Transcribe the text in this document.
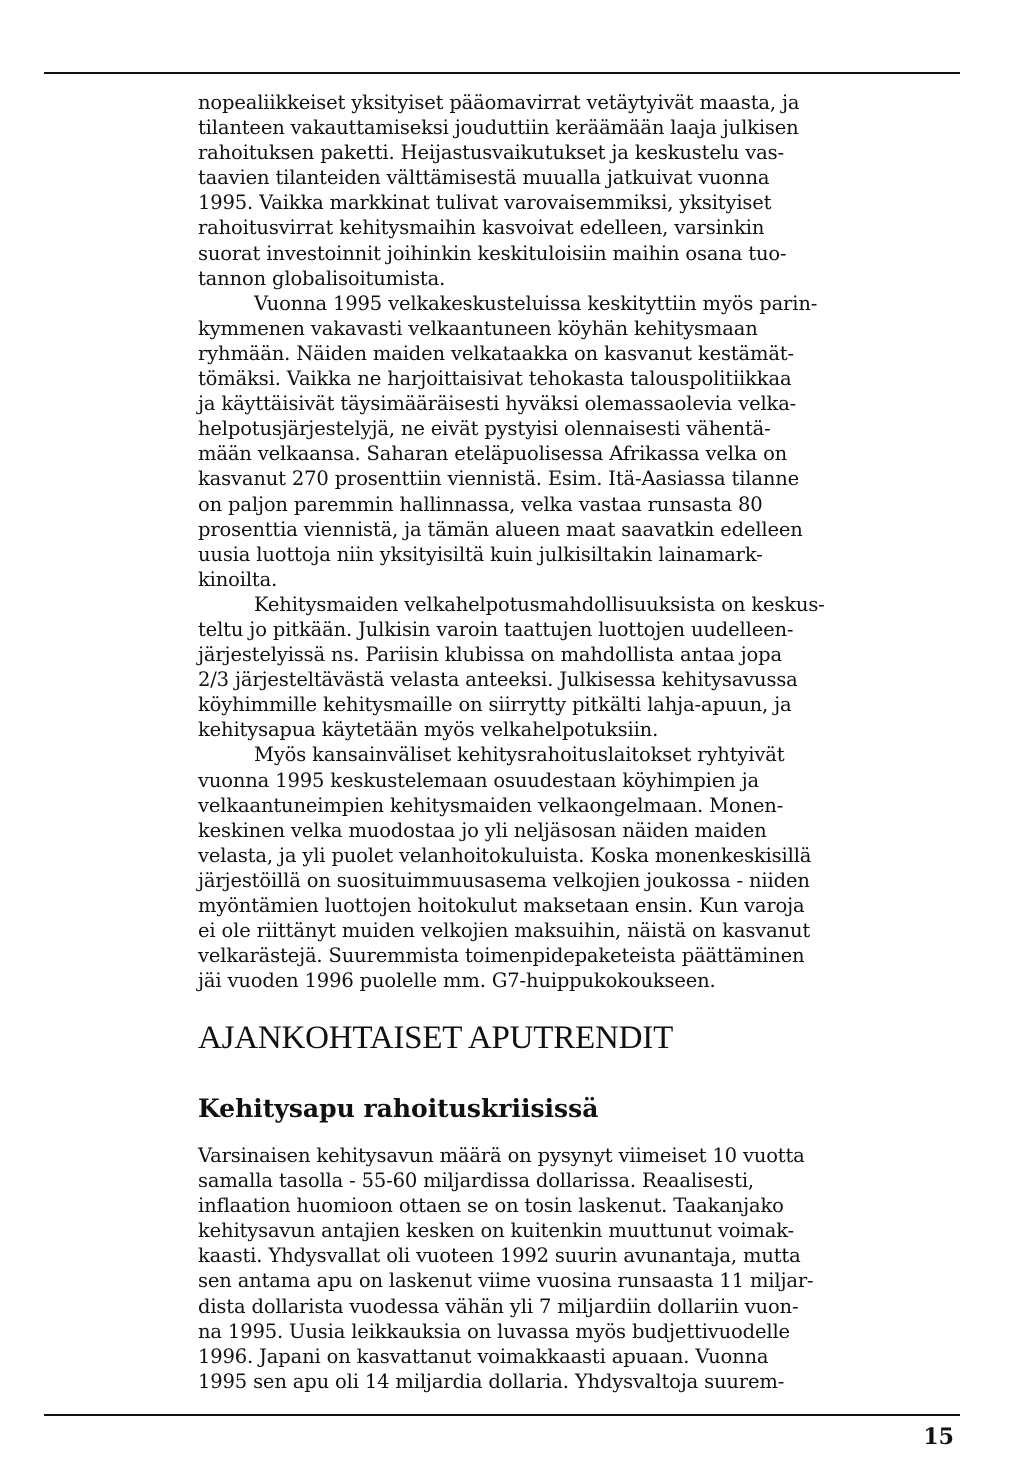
nopealiikkeiset yksityiset pääomavirrat vetäytyivät maasta, ja
tilanteen vakauttamiseksi jouduttiin keräämään laaja julkisen
rahoituksen paketti. Heijastusvaikutukset ja keskustelu vas-
taavien tilanteiden välttämisestä muualla jatkuivat vuonna
1995. Vaikka markkinat tulivat varovaisemmiksi, yksityiset
rahoitusvirrat kehitysmaihin kasvoivat edelleen, varsinkin
suorat investoinnit joihinkin keskituloisiin maihin osana tuo-
tannon globalisoitumista.

Vuonna 1995 velkakeskusteluissa keskityttiin myös parin-
kymmenen vakavasti velkaantuneen köyhän kehitysmaan
ryhmään. Näiden maiden velkataakka on kasvanut kestämät-
tömäksi. Vaikka ne harjoittaisivat tehokasta talouspolitiikkaa
ja käyttäisivät täysimääräisesti hyväksi olemassaolevia velka-
helpotusjärjestelyjä, ne eivät pystyisi olennaisesti vähentä-
mään velkaansa. Saharan eteläpuolisessa Afrikassa velka on
kasvanut 270 prosenttiin viennistä. Esim. Itä-Aasiassa tilanne
on paljon paremmin hallinnassa, velka vastaa runsasta 80
prosenttia viennistä, ja tämän alueen maat saavatkin edelleen
uusia luottoja niin yksityisiltä kuin julkisiltakin lainamark-
kinoilta.

Kehitysmaiden velkahelpotusmahdollisuuksista on keskus-
teltu jo pitkään. Julkisin varoin taattujen luottojen uudelleen-
järjestelyissä ns. Pariisin klubissa on mahdollista antaa jopa
2/3 järjesteltävästä velasta anteeksi. Julkisessa kehitysavussa
köyhimmille kehitysmaille on siirrytty pitkälti lahja-apuun, ja
kehitysapua käytetään myös velkahelpotuksiin.

Myös kansainväliset kehitysrahoituslaitokset ryhtyivät
vuonna 1995 keskustelemaan osuudestaan köyhimpien ja
velkaantuneimpien kehitysmaiden velkaongelmaan. Monen-
keskinen velka muodostaa jo yli neljäsosan näiden maiden
velasta, ja yli puolet velanhoitokuluista. Koska monenkeskisillä
järjestöillä on suosituimmuusasema velkojien joukossa - niiden
myöntämien luottojen hoitokulut maksetaan ensin. Kun varoja
ei ole riittänyt muiden velkojien maksuihin, näistä on kasvanut
velkarästejä. Suuremmista toimenpidepaketeista päättäminen
jäi vuoden 1996 puolelle mm. G7-huippukokoukseen.

AJANKOHTAISET APUTRENDIT
Kehitysapu rahoituskriisissä

Varsinaisen kehitysavun määrä on pysynyt viimeiset 10 vuotta
samalla tasolla - 55-60 miljardissa dollarissa. Reaalisesti,
inflaation huomioon ottaen se on tosin laskenut. Taakanjako
kehitysavun antajien kesken on kuitenkin muuttunut voimak-
kaasti. Yhdysvallat oli vuoteen 1992 suurin avunantaja, mutta
sen antama apu on laskenut viime vuosina runsaasta 11 miljar-
dista dollarista vuodessa vähän yli 7 miljardiin dollariin vuon-
na 1995. Uusia leikkauksia on luvassa myös budjettivuodelle
1996. Japani on kasvattanut voimakkaasti apuaan. Vuonna
1995 sen apu oli 14 miljardia dollaria. Yhdysvaltoja suurem-

15
